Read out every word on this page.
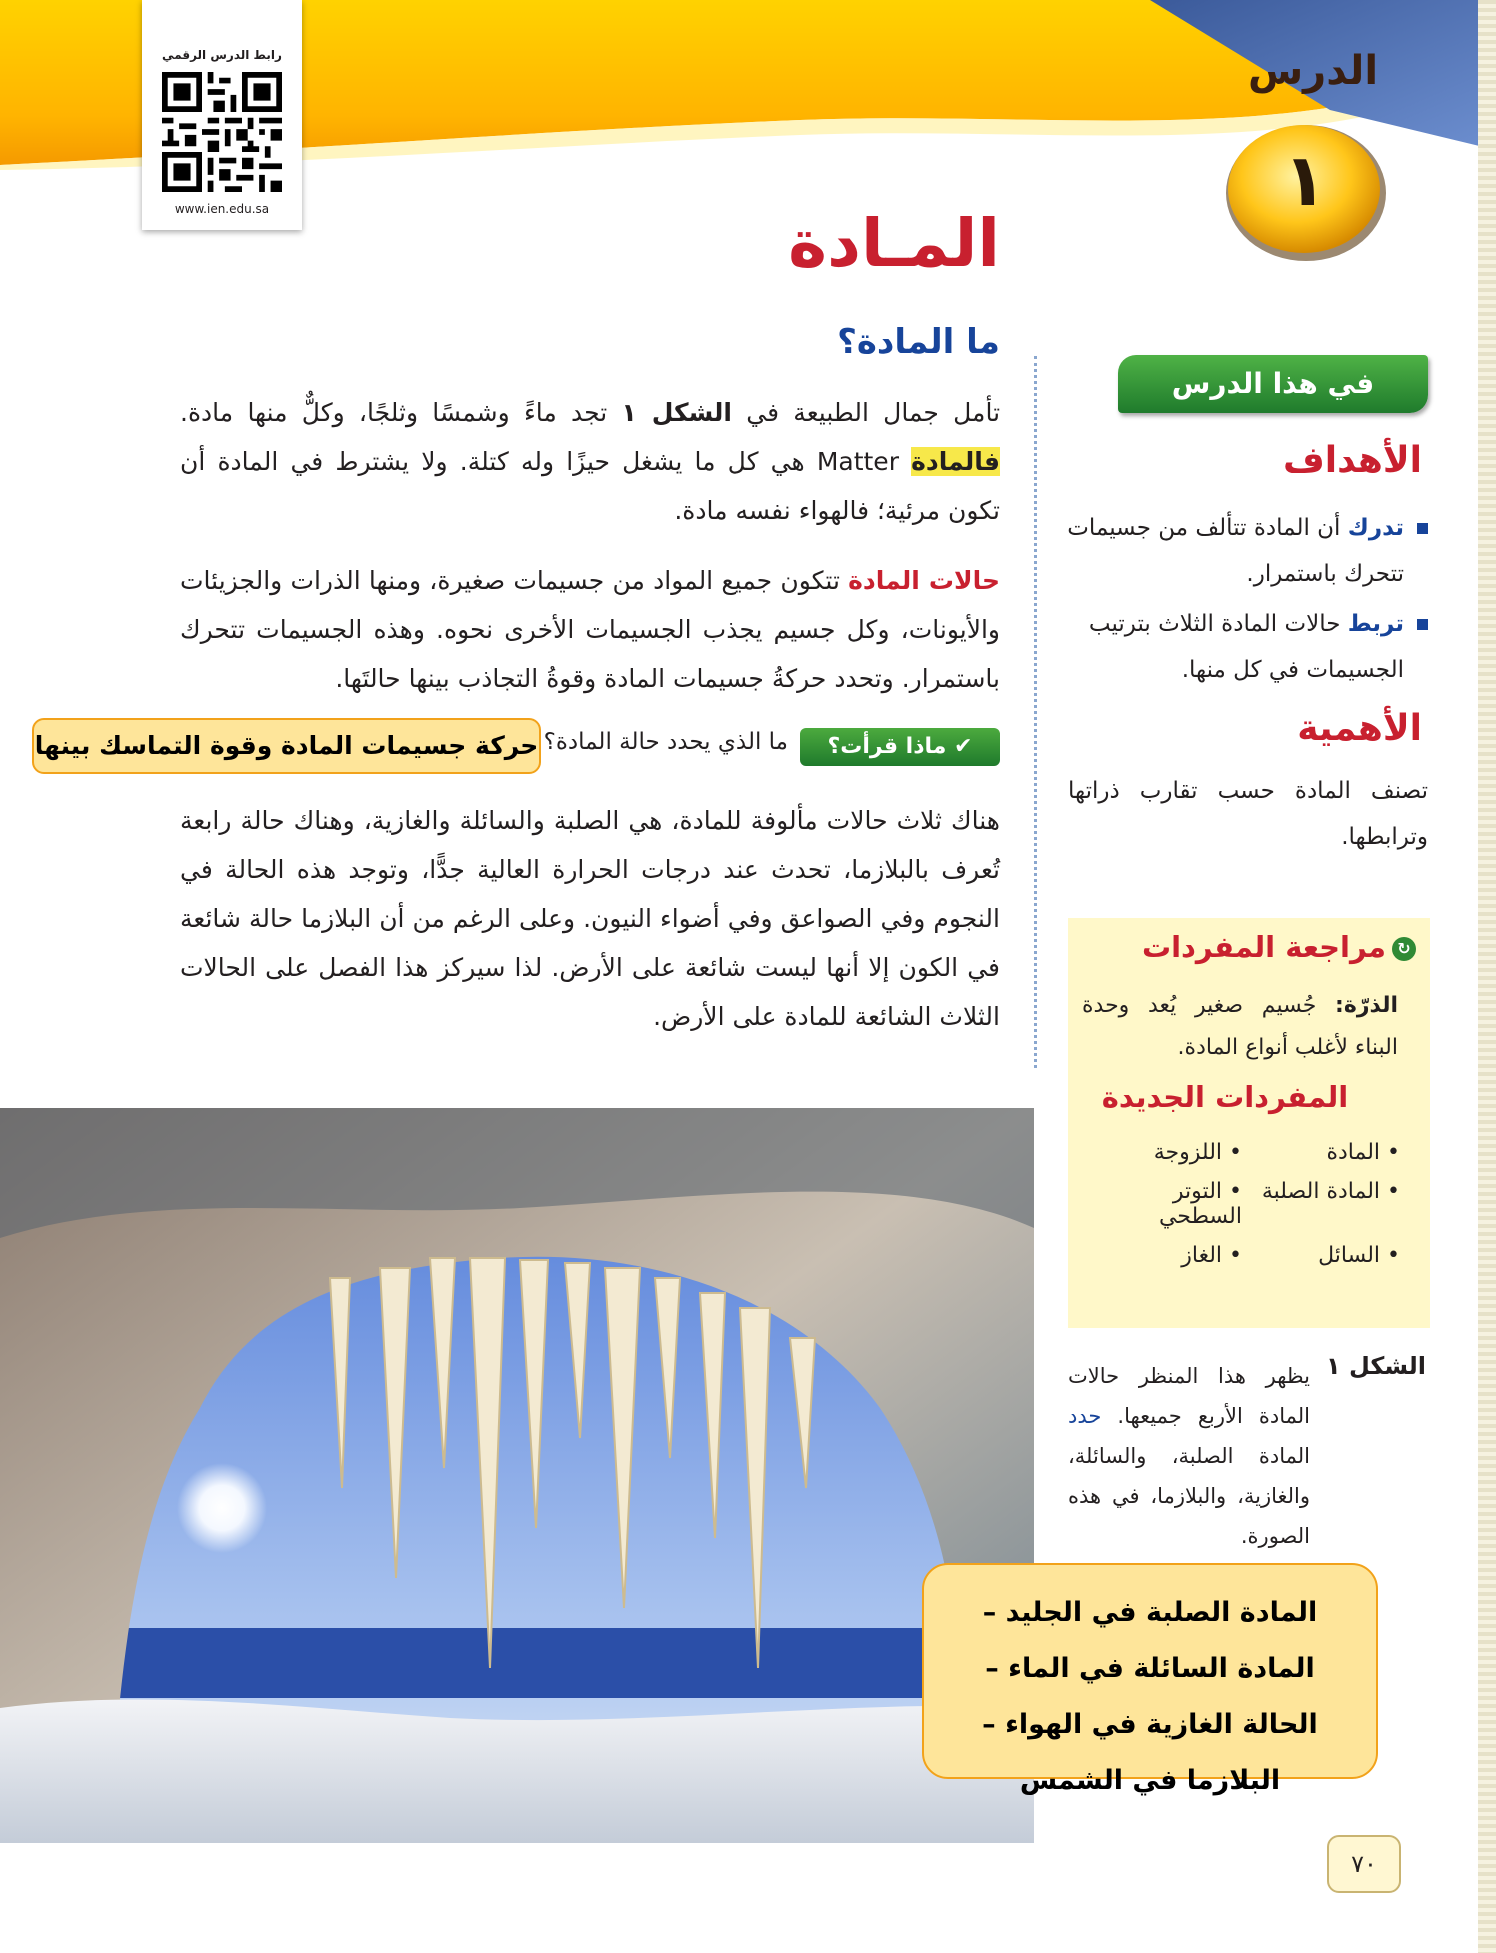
رابط الدرس الرقمي
www.ien.edu.sa
الدرس
١
المـادة
ما المادة؟
تأمل جمال الطبيعة في الشكل ١ تجد ماءً وشمسًا وثلجًا، وكلٌّ منها مادة. فالمادة Matter هي كل ما يشغل حيزًا وله كتلة. ولا يشترط في المادة أن تكون مرئية؛ فالهواء نفسه مادة.
حالات المادة تتكون جميع المواد من جسيمات صغيرة، ومنها الذرات والجزيئات والأيونات، وكل جسيم يجذب الجسيمات الأخرى نحوه. وهذه الجسيمات تتحرك باستمرار. وتحدد حركةُ جسيمات المادة وقوةُ التجاذب بينها حالتَها.
✔ ماذا قرأت؟
ما الذي يحدد حالة المادة؟
حركة جسيمات المادة وقوة التماسك بينها
هناك ثلاث حالات مألوفة للمادة، هي الصلبة والسائلة والغازية، وهناك حالة رابعة تُعرف بالبلازما، تحدث عند درجات الحرارة العالية جدًّا، وتوجد هذه الحالة في النجوم وفي الصواعق وفي أضواء النيون. وعلى الرغم من أن البلازما حالة شائعة في الكون إلا أنها ليست شائعة على الأرض. لذا سيركز هذا الفصل على الحالات الثلاث الشائعة للمادة على الأرض.
في هذا الدرس
الأهداف
تدرك أن المادة تتألف من جسيمات تتحرك باستمرار.
تربط حالات المادة الثلاث بترتيب الجسيمات في كل منها.
الأهمية
تصنف المادة حسب تقارب ذراتها وترابطها.
↻مراجعة المفردات
الذرّة: جُسيم صغير يُعد وحدة البناء لأغلب أنواع المادة.
المفردات الجديدة
• المادة
• اللزوجة
• المادة الصلبة
• التوتر السطحي
• السائل
• الغاز
الشكل ١
يظهر هذا المنظر حالات المادة الأربع جميعها. حدد المادة الصلبة، والسائلة، والغازية، والبلازما، في هذه الصورة.
المادة الصلبة في الجليد – المادة السائلة في الماء – الحالة الغازية في الهواء – البلازما في الشمس
٧٠
